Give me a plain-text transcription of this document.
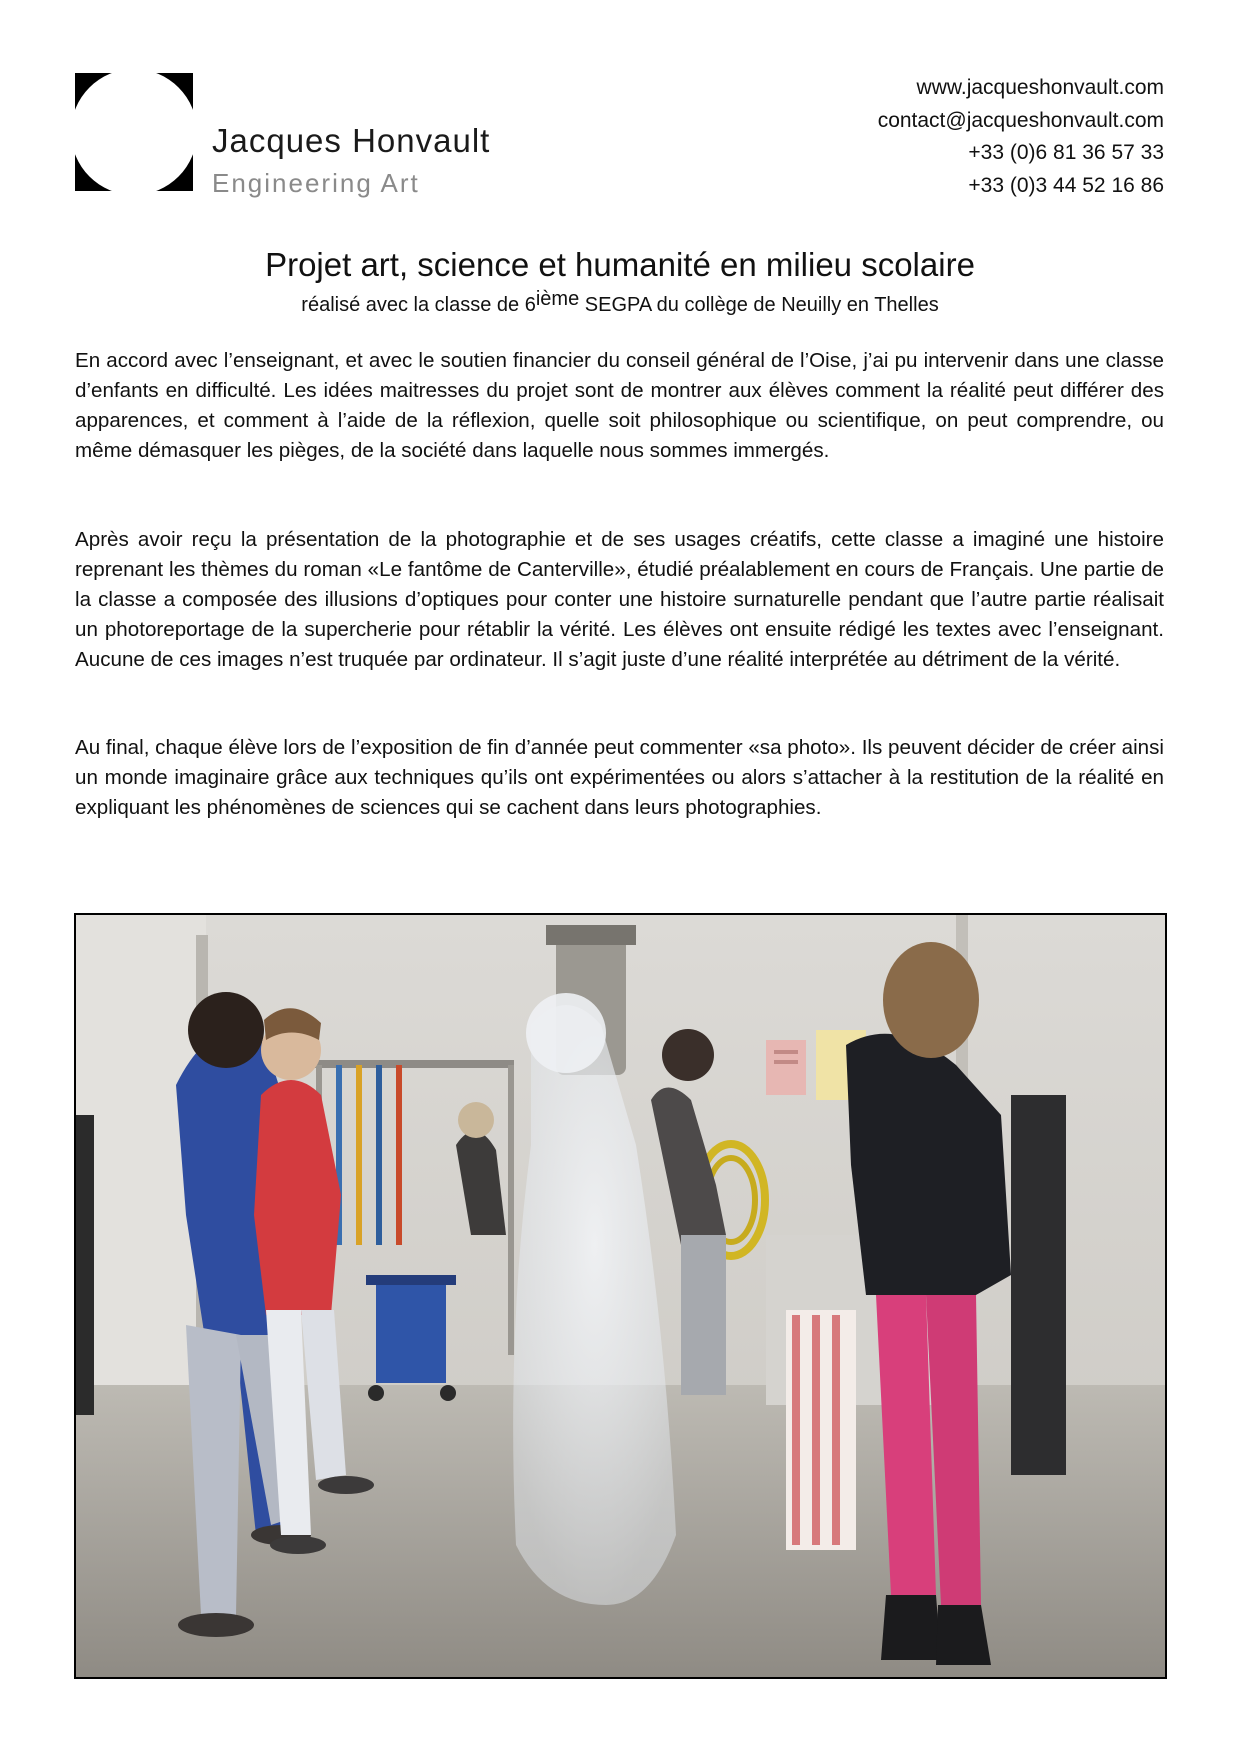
Jacques Honvault
Engineering Art
www.jacqueshonvault.com
contact@jacqueshonvault.com
+33 (0)6 81 36 57 33
+33 (0)3 44 52 16 86
Projet art, science et humanité en milieu scolaire
réalisé avec la classe de 6ième SEGPA du collège de Neuilly en Thelles
En accord avec l’enseignant, et avec le soutien financier du conseil général de l’Oise, j’ai pu intervenir dans une classe d’enfants en difficulté. Les idées maitresses du projet sont de montrer aux élèves comment la réalité peut différer des apparences, et comment à l’aide de la réflexion, quelle soit philosophique ou scientifique, on peut comprendre, ou même démasquer les pièges, de la société dans laquelle nous sommes immergés.
Après avoir reçu la présentation de la photographie et de ses usages créatifs, cette classe a imaginé une histoire reprenant les thèmes du roman «Le fantôme de Canterville», étudié préalablement en cours de Français. Une partie de la classe a composée des illusions d’optiques pour conter une histoire surnaturelle pendant que l’autre partie réalisait un photoreportage de la supercherie pour rétablir la vérité. Les élèves ont ensuite rédigé les textes avec l’enseignant. Aucune de ces images n’est truquée par ordinateur. Il s’agit juste d’une réalité interprétée au détriment de la vérité.
Au final, chaque élève lors de l’exposition de fin d’année peut commenter «sa photo». Ils peuvent décider de créer ainsi un monde imaginaire grâce aux techniques qu’ils ont expérimentées ou alors s’attacher à la restitution de la réalité en expliquant les phénomènes de sciences qui se cachent dans leurs photographies.
